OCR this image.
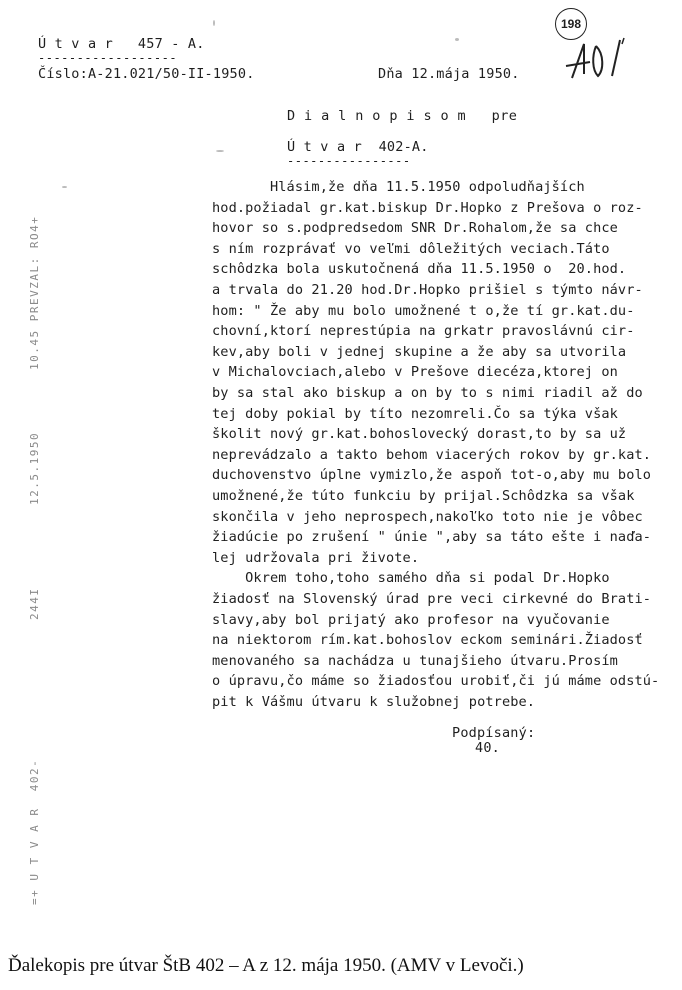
Ú t v a r   457 - A.
------------------
Číslo:A-21.021/50-II-1950.	Dňa 12.mája 1950.
198
D i a l n o p i s o m   pre
Ú t v a r  402-A.
----------------
Hlásim,že dňa 11.5.1950 odpoludňajších
hod.požiadal gr.kat.biskup Dr.Hopko z Prešova o roz-
hovor so s.podpredsedom SNR Dr.Rohalom,že sa chce
s ním rozprávať vo veľmi dôležitých veciach.Táto
schôdzka bola uskutočnená dňa 11.5.1950 o  20.hod.
a trvala do 21.20 hod.Dr.Hopko prišiel s týmto návr-
hom: " Že aby mu bolo umožnené t o,že tí gr.kat.du-
chovní,ktorí neprestúpia na grkatr pravoslávnú cir-
kev,aby boli v jednej skupine a že aby sa utvorila
v Michalovciach,alebo v Prešove diecéza,ktorej on
by sa stal ako biskup a on by to s nimi riadil až do
tej doby pokial by títo nezomreli.Čo sa týka však
školit nový gr.kat.bohoslovecký dorast,to by sa už
neprevádzalo a takto behom viacerých rokov by gr.kat.
duchovenstvo úplne vymizlo,že aspoň tot-o,aby mu bolo
umožnené,že túto funkciu by prijal.Schôdzka sa však
skončila v jeho neprospech,nakoľko toto nie je vôbec
žiadúcie po zrušení " únie ",aby sa táto ešte i naďa-
lej udržovala pri živote.
Okrem toho,toho samého dňa si podal Dr.Hopko
žiadosť na Slovenský úrad pre veci cirkevné do Brati-
slavy,aby bol prijatý ako profesor na vyučovanie
na niektorom rím.kat.bohoslov eckom seminári.Žiadosť
menovaného sa nachádza u tunajšieho útvaru.Prosím
o úpravu,čo máme so žiadosťou urobiť,či jú máme odstú-
pit k Vášmu útvaru k služobnej potrebe.
Podpísaný:
40.
10.45 PREVZAL: RO4+
12.5.1950
244I
=+ U T V A R  402-
Ďalekopis pre útvar ŠtB 402 – A z 12. mája 1950. (AMV v Levoči.)
